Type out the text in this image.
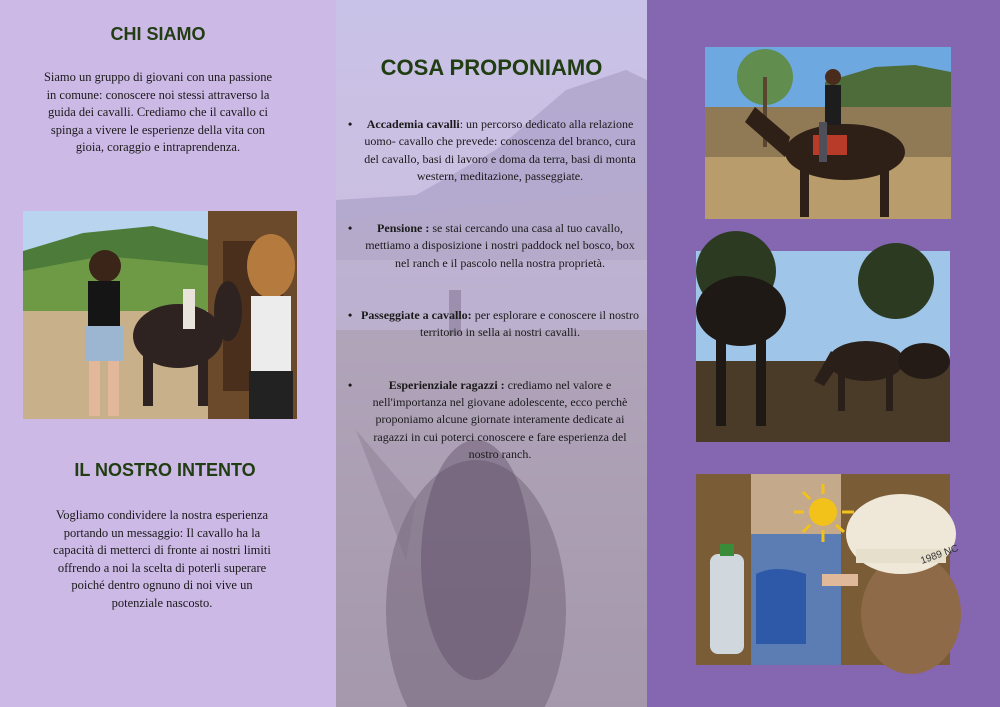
CHI SIAMO

Siamo un gruppo di giovani con una passione in comune: conoscere noi stessi attraverso la guida dei cavalli. Crediamo che il cavallo ci spinga a vivere le esperienze della vita con gioia, coraggio e intraprendenza.

IL NOSTRO INTENTO

Vogliamo condividere la nostra esperienza portando un messaggio: Il cavallo ha la capacità di metterci di fronte ai nostri limiti offrendo a noi la scelta di poterli superare poiché dentro ognuno di noi vive un potenziale nascosto.

COSA PROPONIAMO
• Accademia cavalli: un percorso dedicato alla relazione uomo- cavallo che prevede: conoscenza del branco, cura del cavallo, basi di lavoro e doma da terra, basi di monta western, meditazione, passeggiate.
• Pensione : se stai cercando una casa al tuo cavallo, mettiamo a disposizione i nostri paddock nel bosco, box nel ranch e il pascolo nella nostra proprietà.
• Passeggiate a cavallo: per esplorare e conoscere il nostro territorio in sella ai nostri cavalli.
•	Esperienziale ragazzi : crediamo nel valore e nell'importanza nel giovane adolescente, ecco perchè proponiamo alcune giornate interamente dedicate ai ragazzi in cui poterci conoscere e fare esperienza del nostro ranch.
1989 NC
